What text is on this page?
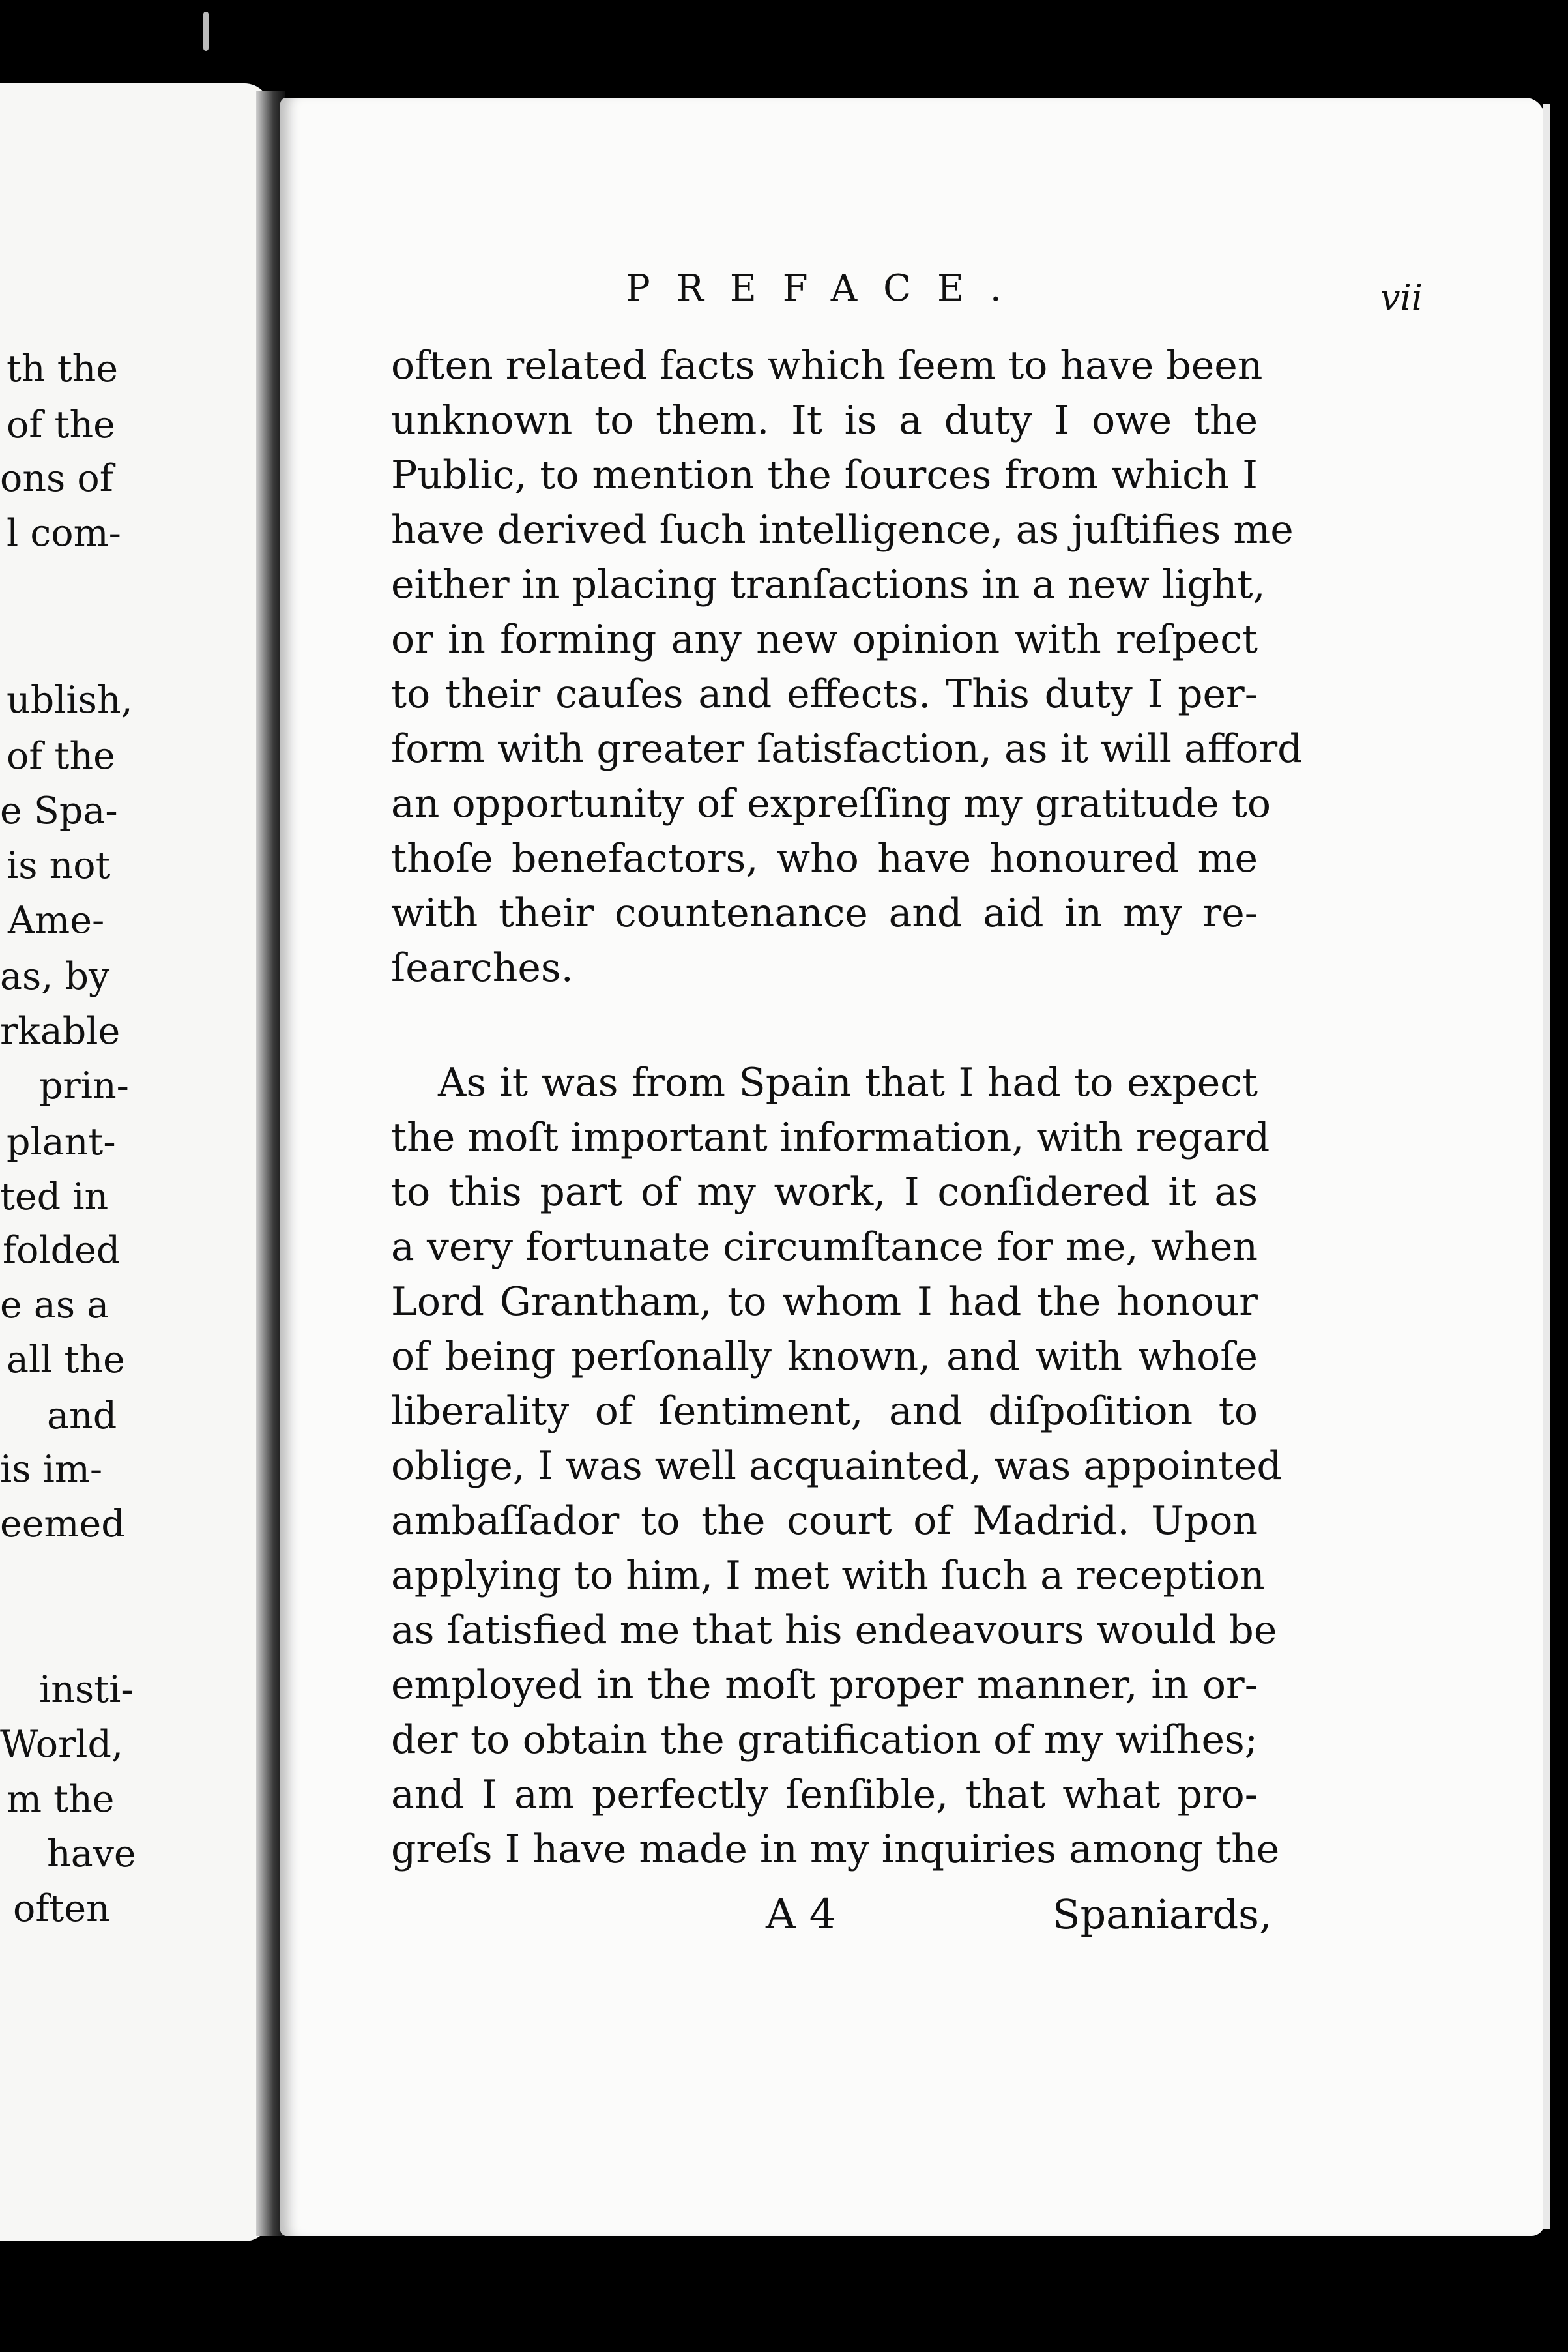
th the
of the
ons of
l com-
ublish,
of the
e Spa-
is not
Ame-
as, by
rkable
prin-
plant-
ted in
folded
e as a
all the
and
is im-
eemed
insti-
World,
m the
have
often
PREFACE.	vii
often related facts which ſeem to have been
unknown to them. It is a duty I owe the
Public, to mention the ſources from which I
have derived ſuch intelligence, as juſtifies me
either in placing tranſactions in a new light,
or in forming any new opinion with reſpect
to their cauſes and effects. This duty I per-
form with greater ſatisfaction, as it will afford
an opportunity of expreſſing my gratitude to
thoſe benefactors, who have honoured me
with their countenance and aid in my re-
ſearches.
As it was from Spain that I had to expect
the moſt important information, with regard
to this part of my work, I conſidered it as
a very fortunate circumſtance for me, when
Lord Grantham, to whom I had the honour
of being perſonally known, and with whoſe
liberality of ſentiment, and diſpoſition to
oblige, I was well acquainted, was appointed
ambaſſador to the court of Madrid. Upon
applying to him, I met with ſuch a reception
as ſatisfied me that his endeavours would be
employed in the moſt proper manner, in or-
der to obtain the gratification of my wiſhes;
and I am perfectly ſenſible, that what pro-
greſs I have made in my inquiries among the
A 4	Spaniards,
